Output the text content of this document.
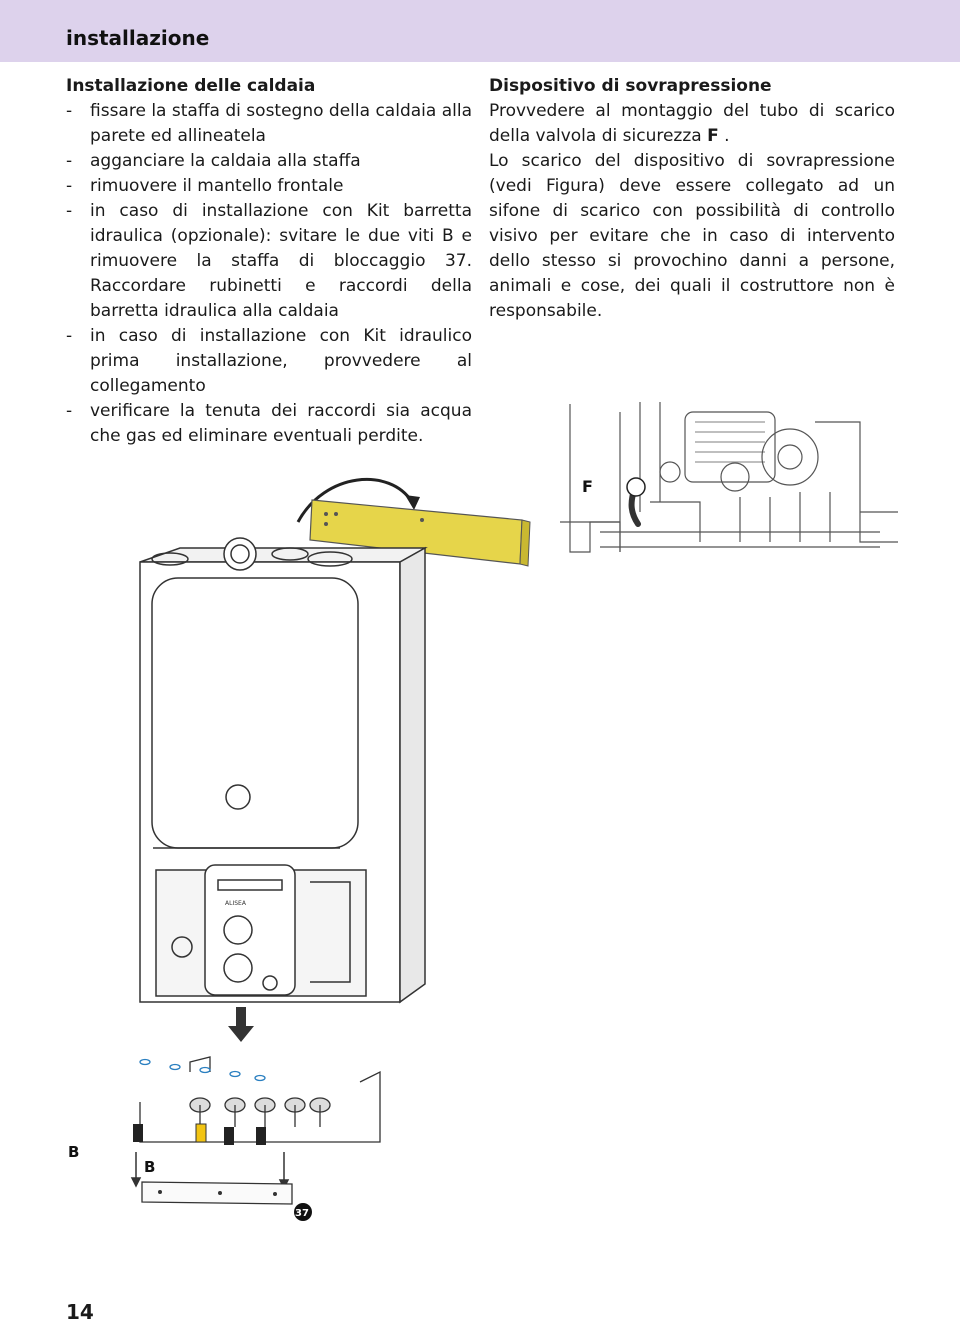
installazione
Installazione delle caldaia
- fissare la staffa di sostegno della caldaia alla parete ed allineatela
- agganciare la caldaia alla staffa
- rimuovere il mantello frontale
- in caso di installazione con Kit barretta idraulica (opzionale): svitare le due viti B e rimuovere la staffa di bloccaggio 37. Raccordare rubinetti e raccordi della barretta idraulica alla caldaia
- in caso di installazione con Kit idraulico prima installazione, provvedere al collegamento
- verificare la tenuta dei raccordi sia acqua che gas ed eliminare eventuali perdite.
Dispositivo di sovrapressione
Provvedere al montaggio del tubo di scarico della valvola di sicurezza F .
Lo scarico del dispositivo di sovrapressione (vedi Figura) deve essere collegato ad un sifone di scarico con possibilità di controllo visivo per evitare che in caso di intervento dello stesso si provochino danni a persone, animali e cose, dei quali il costruttore non è responsabile.
F
ALISEA
B
B
37
14
